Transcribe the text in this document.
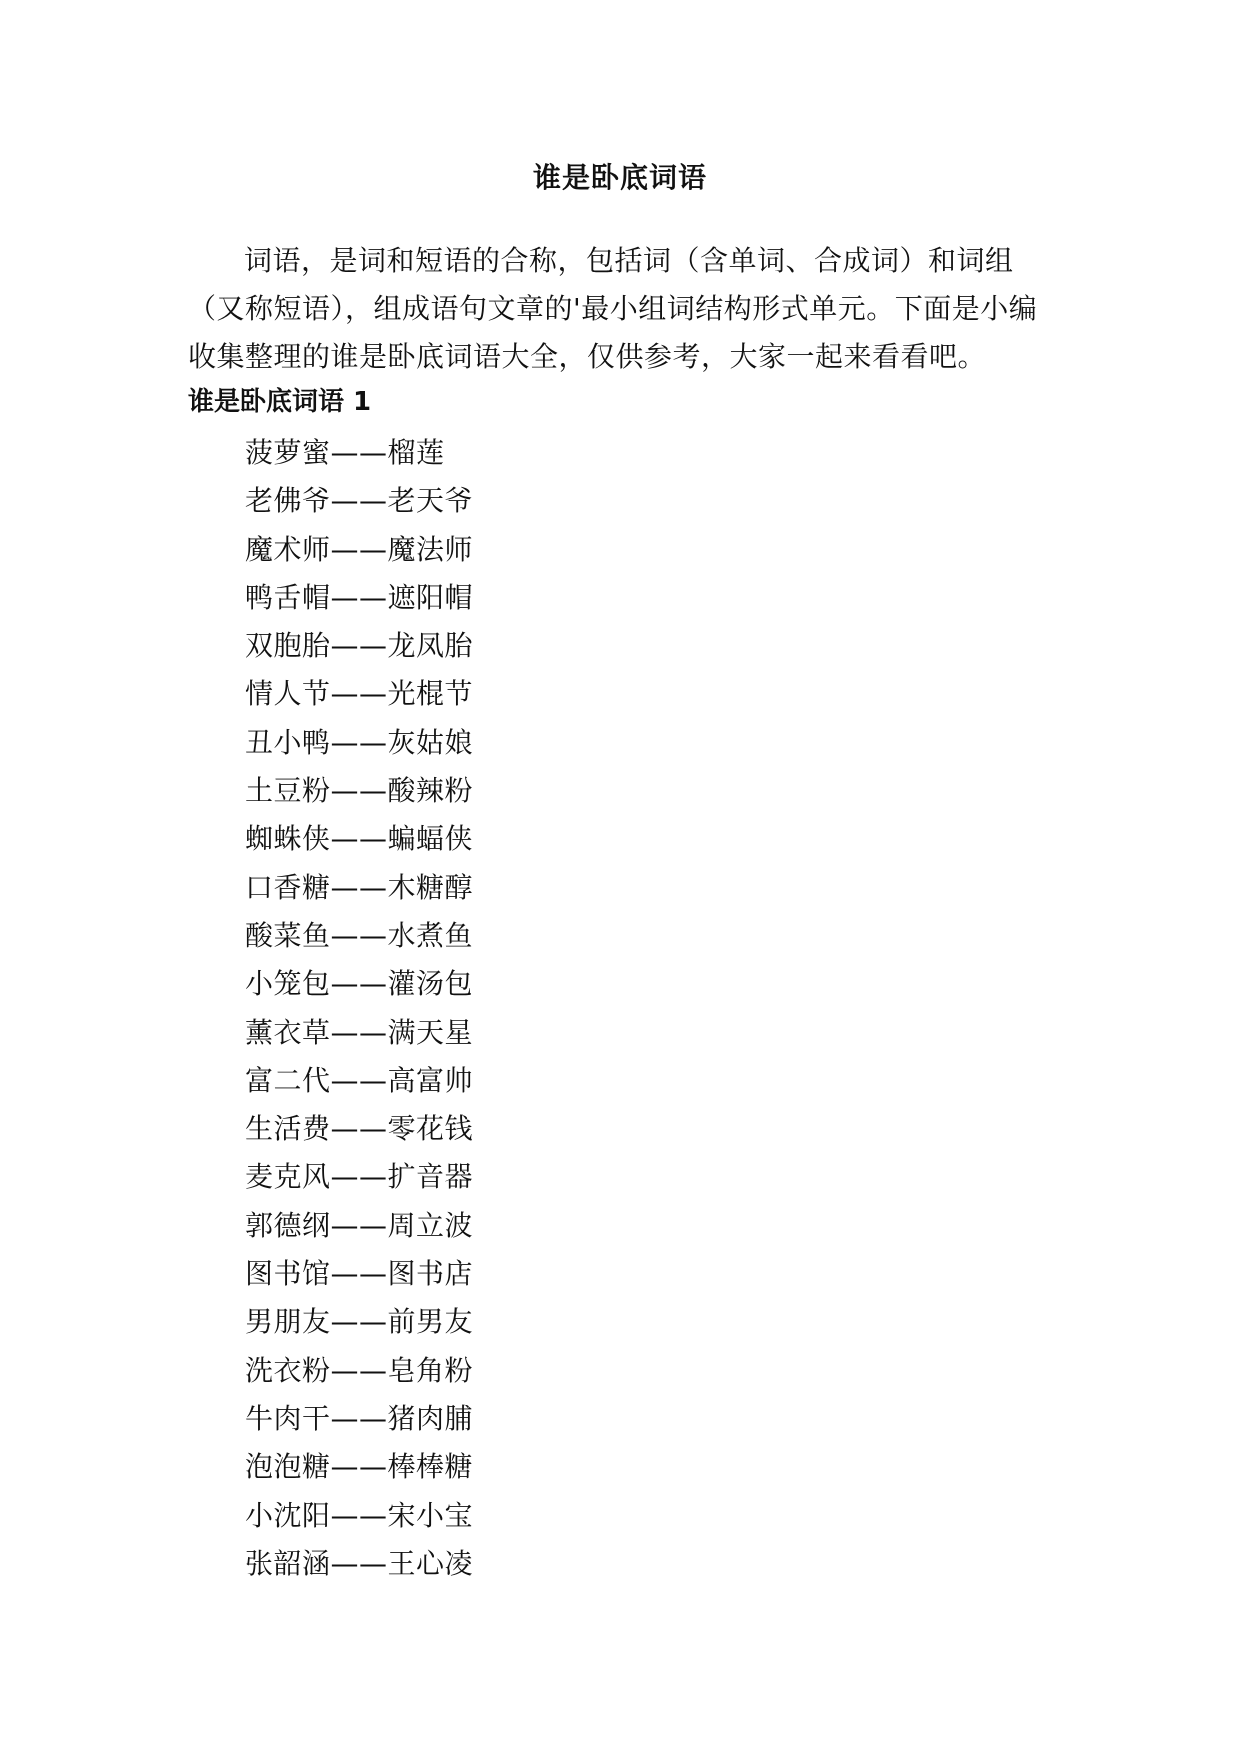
谁是卧底词语

词语，是词和短语的合称，包括词（含单词、合成词）和词组（又称短语），组成语句文章的'最小组词结构形式单元。下面是小编收集整理的谁是卧底词语大全，仅供参考，大家一起来看看吧。

谁是卧底词语 1
菠萝蜜——榴莲
老佛爷——老天爷
魔术师——魔法师
鸭舌帽——遮阳帽
双胞胎——龙凤胎
情人节——光棍节
丑小鸭——灰姑娘
土豆粉——酸辣粉
蜘蛛侠——蝙蝠侠
口香糖——木糖醇
酸菜鱼——水煮鱼
小笼包——灌汤包
薰衣草——满天星
富二代——高富帅
生活费——零花钱
麦克风——扩音器
郭德纲——周立波
图书馆——图书店
男朋友——前男友
洗衣粉——皂角粉
牛肉干——猪肉脯
泡泡糖——棒棒糖
小沈阳——宋小宝
张韶涵——王心凌
